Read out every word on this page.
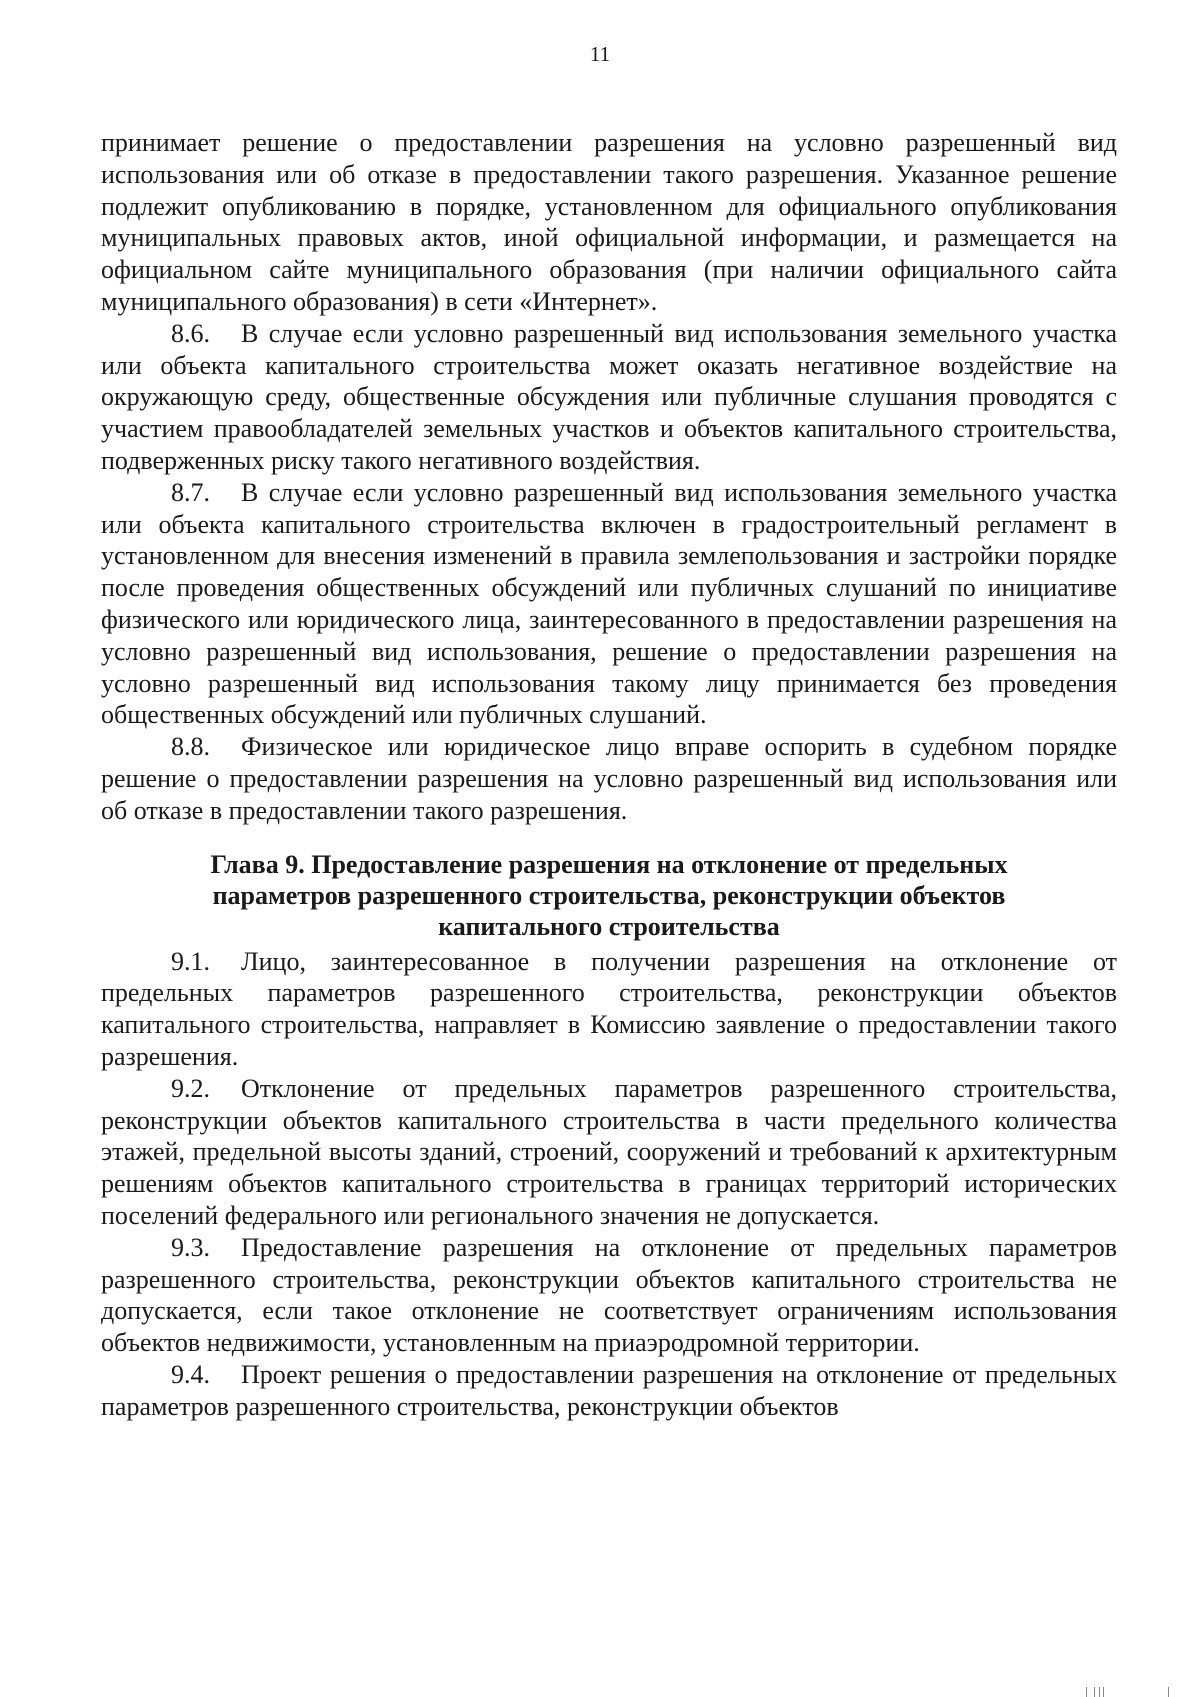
11

принимает решение о предоставлении разрешения на условно разрешенный вид использования или об отказе в предоставлении такого разрешения. Указанное решение подлежит опубликованию в порядке, установленном для официального опубликования муниципальных правовых актов, иной официальной информации, и размещается на официальном сайте муниципального образования (при наличии официального сайта муниципального образования) в сети «Интернет».

8.6. В случае если условно разрешенный вид использования земельного участка или объекта капитального строительства может оказать негативное воздействие на окружающую среду, общественные обсуждения или публичные слушания проводятся с участием правообладателей земельных участков и объектов капитального строительства, подверженных риску такого негативного воздействия.

8.7. В случае если условно разрешенный вид использования земельного участка или объекта капитального строительства включен в градостроительный регламент в установленном для внесения изменений в правила землепользования и застройки порядке после проведения общественных обсуждений или публичных слушаний по инициативе физического или юридического лица, заинтересованного в предоставлении разрешения на условно разрешенный вид использования, решение о предоставлении разрешения на условно разрешенный вид использования такому лицу принимается без проведения общественных обсуждений или публичных слушаний.

8.8. Физическое или юридическое лицо вправе оспорить в судебном порядке решение о предоставлении разрешения на условно разрешенный вид использования или об отказе в предоставлении такого разрешения.

Глава 9. Предоставление разрешения на отклонение от предельных
параметров разрешенного строительства, реконструкции объектов
капитального строительства

9.1. Лицо, заинтересованное в получении разрешения на отклонение от предельных параметров разрешенного строительства, реконструкции объектов капитального строительства, направляет в Комиссию заявление о предоставлении такого разрешения.

9.2. Отклонение от предельных параметров разрешенного строительства, реконструкции объектов капитального строительства в части предельного количества этажей, предельной высоты зданий, строений, сооружений и требований к архитектурным решениям объектов капитального строительства в границах территорий исторических поселений федерального или регионального значения не допускается.

9.3. Предоставление разрешения на отклонение от предельных параметров разрешенного строительства, реконструкции объектов капитального строительства не допускается, если такое отклонение не соответствует ограничениям использования объектов недвижимости, установленным на приаэродромной территории.

9.4. Проект решения о предоставлении разрешения на отклонение от предельных параметров разрешенного строительства, реконструкции объектов
